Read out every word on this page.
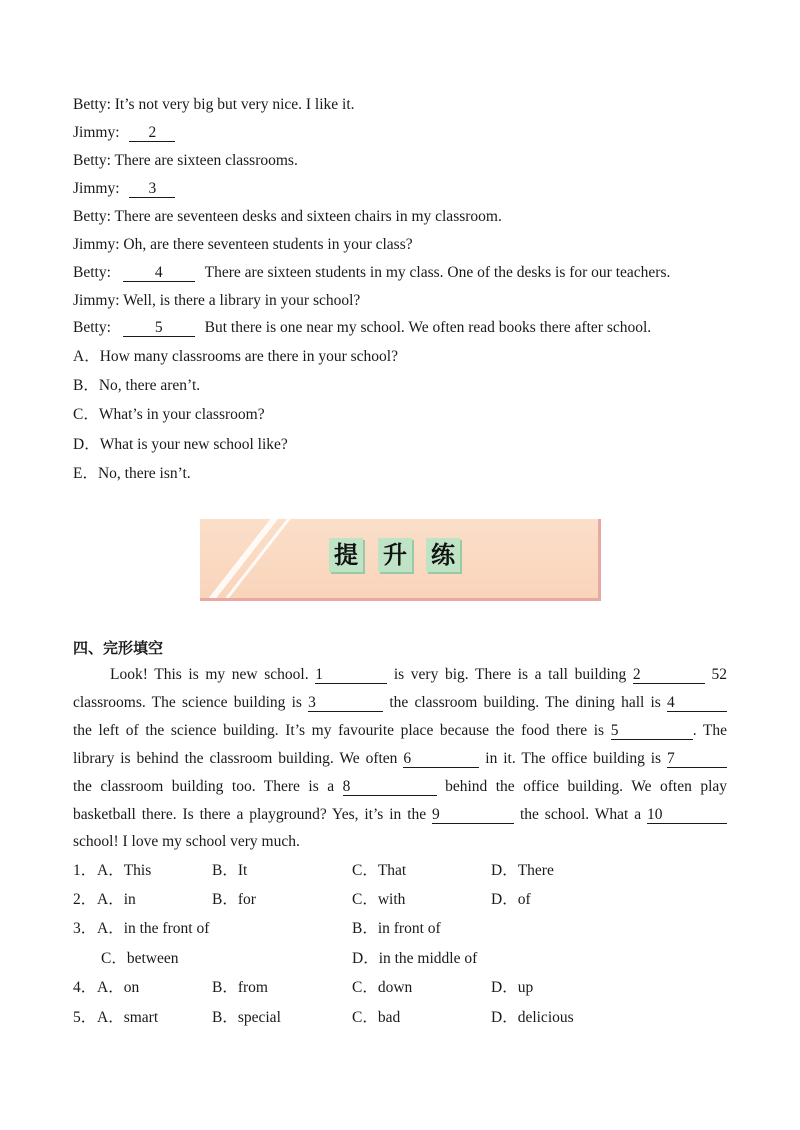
Betty: It’s not very big but very nice. I like it.
Jimmy: 2
Betty: There are sixteen classrooms.
Jimmy: 3
Betty: There are seventeen desks and sixteen chairs in my classroom.
Jimmy: Oh, are there seventeen students in your class?
Betty:	4	There are sixteen students in my class. One of the desks is for our teachers.
Jimmy: Well, is there a library in your school?
Betty:	5	But there is one near my school. We often read books there after school.
A．How many classrooms are there in your school?
B．No, there aren’t.
C．What’s in your classroom?
D．What is your new school like?
E．No, there isn’t.
提 升 练
四、完形填空
Look! This is my new school. 1	is very big. There is a tall building 2	52
classrooms. The science building is 3	the classroom building. The dining hall is 4
the left of the science building. It’s my favourite place because the food there is 5	. The
library is behind the classroom building. We often 6	in it. The office building is 7
the classroom building too. There is a 8	behind the office building. We often play
basketball there. Is there a playground? Yes, it’s in the 9	the school. What a 10
school! I love my school very much.
1． A．This	B．It	C．That	D．There
2． A．in	B．for	C．with	D．of
3． A．in the front of	B．in front of
C．between	D．in the middle of
4． A．on	B．from	C．down	D．up
5． A．smart	B．special	C．bad	D．delicious
